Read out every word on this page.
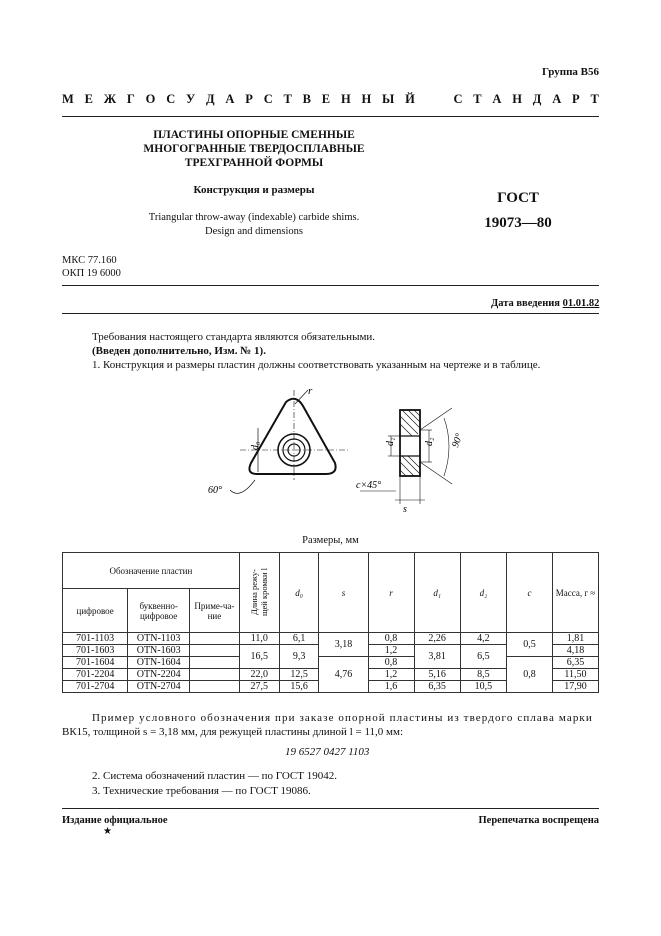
Группа В56
М Е Ж Г О С У Д А Р С Т В Е Н Н Ы Й

	С Т А Н Д А Р Т
ПЛАСТИНЫ ОПОРНЫЕ СМЕННЫЕ
МНОГОГРАННЫЕ ТВЕРДОСПЛАВНЫЕ
ТРЕХГРАННОЙ ФОРМЫ
Конструкция и размеры
Triangular throw-away (indexable) carbide shims.
Design and dimensions
ГОСТ
19073—80
МКС 77.160
ОКП 19 6000
Дата введения 01.01.82
Требования настоящего стандарта являются обязательными.
(Введен дополнительно, Изм. № 1).
1. Конструкция и размеры пластин должны соответствовать указанным на чертеже и в таблице.
r
d₀
60°
d₁	d₂ 90°
c×45°
s
Размеры, мм
Обозначение пластин			Длина режу-
щей кромки l	d₀	s	r	d₁	d₂	c	Масса, г ≈
цифровое	буквенно-цифровое	Приме-ча-ние								
701-1103	OTN-1103		11,0	6,1	3,18	0,8	2,26	4,2	0,5	1,81
701-1603	OTN-1603		16,5	9,3		1,2	3,81	6,5		4,18
701-1604	OTN-1604				4,76	0,8			0,8	6,35
701-2204	OTN-2204		22,0	12,5		1,2	5,16	8,5		11,50
701-2704	OTN-2704		27,5	15,6		1,6	6,35	10,5		17,90
Пример условного обозначения при заказе опорной пластины из твердого сплава марки
ВК15, толщиной s = 3,18 мм, для режущей пластины длиной l = 11,0 мм:
19 6527 0427 1103
2. Система обозначений пластин — по ГОСТ 19042.
3. Технические требования — по ГОСТ 19086.
Издание официальное
★
Перепечатка воспрещена
